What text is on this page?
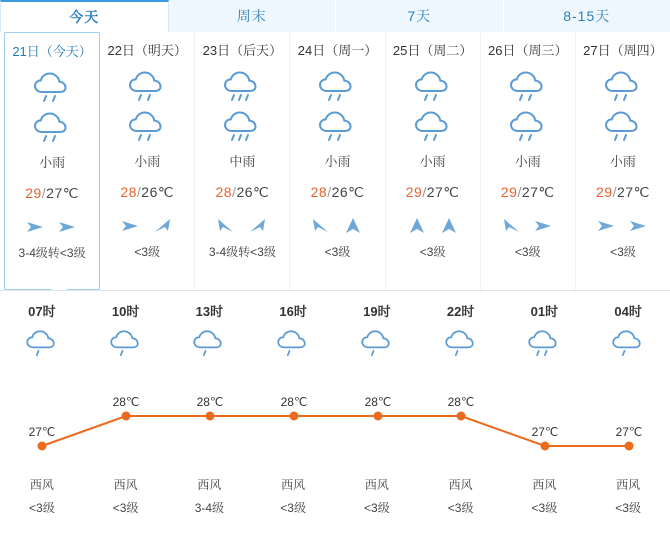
今天	周末	7天	8-15天
21日（今天）
小雨
29/27℃
3-4级转<3级
22日（明天）
小雨
28/26℃
<3级
23日（后天）
中雨
28/26℃
3-4级转<3级
24日（周一）
小雨
28/26℃
<3级
25日（周二）
小雨
29/27℃
<3级
26日（周三）
小雨
29/27℃
<3级
27日（周四）
小雨
29/27℃
<3级
07时
西风
<3级
10时
西风
<3级
13时
西风
3-4级
16时
西风
<3级
19时
西风
<3级
22时
西风
<3级
01时
西风
<3级
04时
西风
<3级
27℃
28℃	28℃	28℃	28℃	28℃
27℃	27℃
